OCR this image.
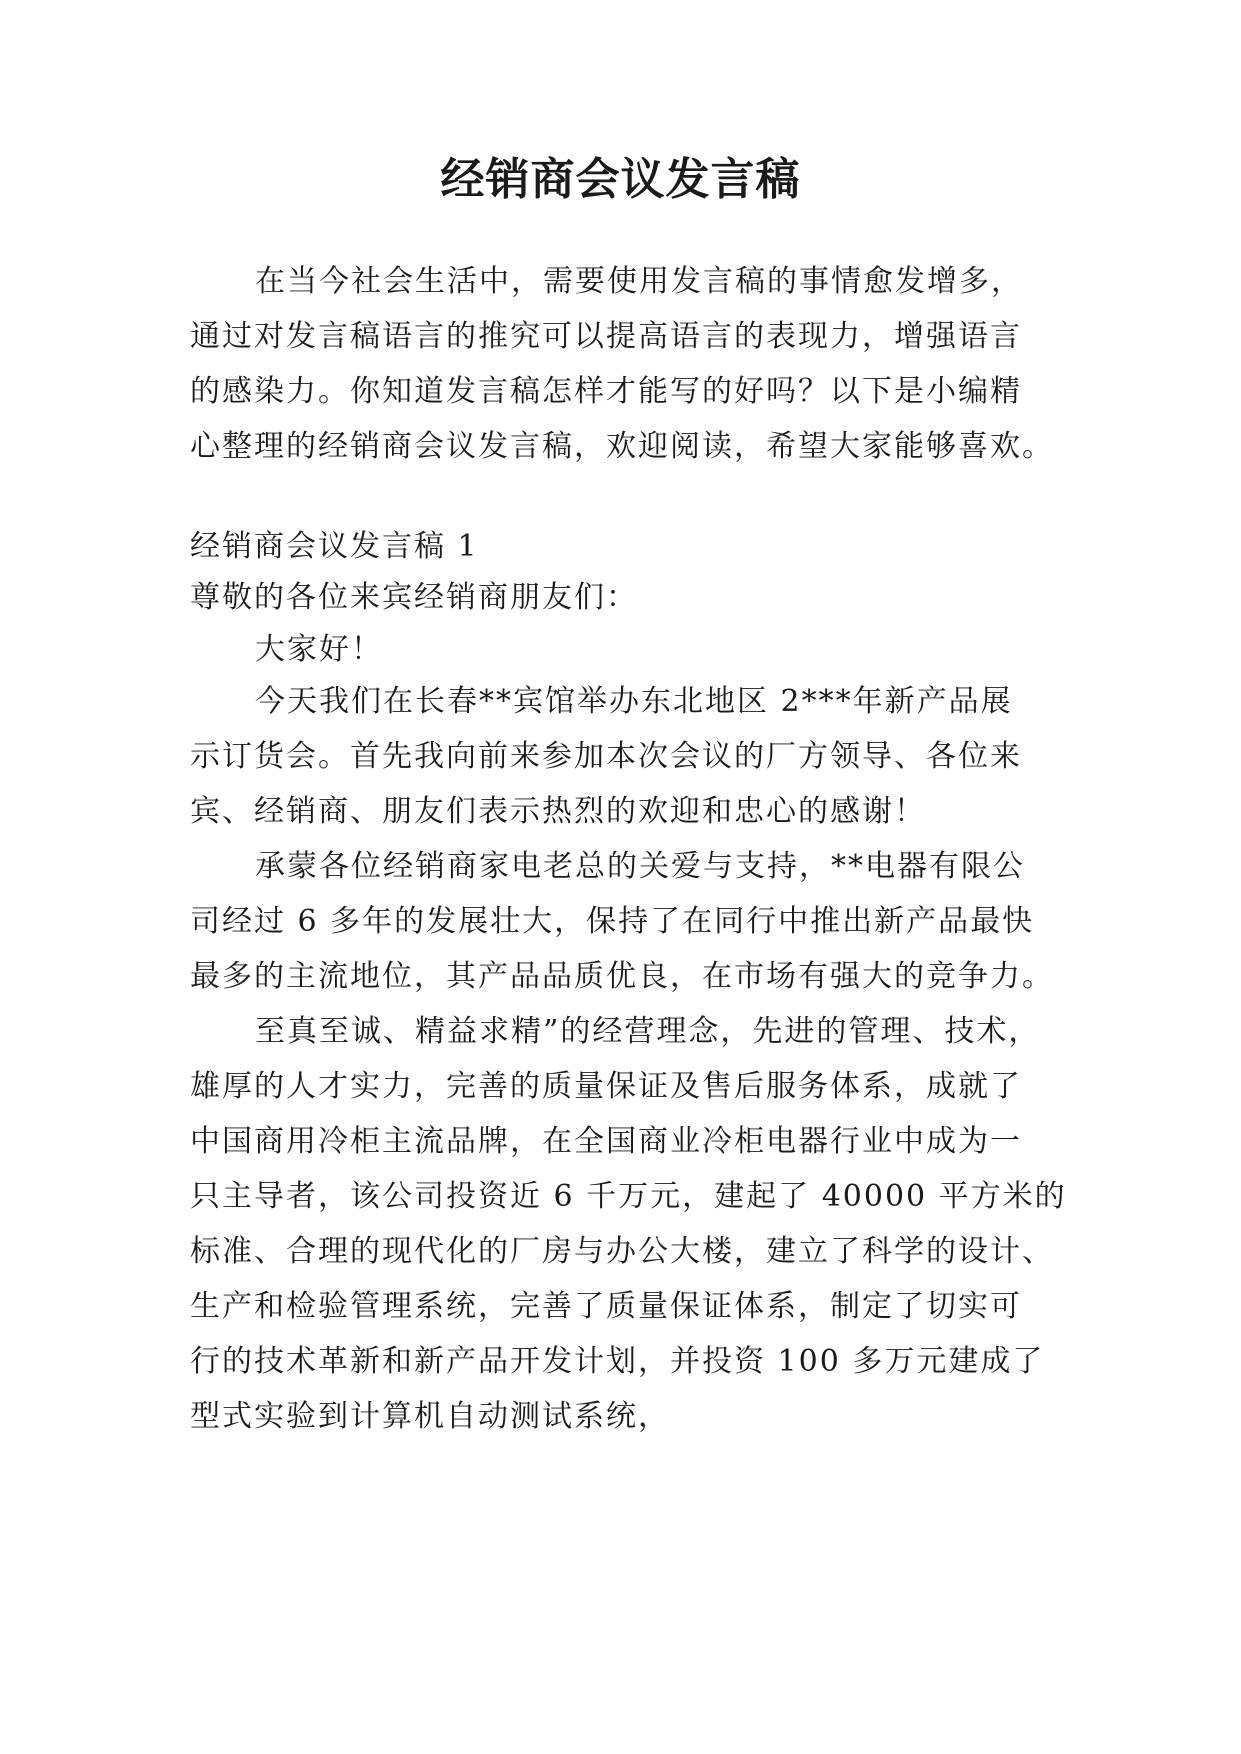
经销商会议发言稿
在当今社会生活中，需要使用发言稿的事情愈发增多，
通过对发言稿语言的推究可以提高语言的表现力，增强语言
的感染力。你知道发言稿怎样才能写的好吗？以下是小编精
心整理的经销商会议发言稿，欢迎阅读，希望大家能够喜欢。
经销商会议发言稿 1
尊敬的各位来宾经销商朋友们：
大家好！
今天我们在长春**宾馆举办东北地区 2***年新产品展
示订货会。首先我向前来参加本次会议的厂方领导、各位来
宾、经销商、朋友们表示热烈的欢迎和忠心的感谢！
承蒙各位经销商家电老总的关爱与支持，**电器有限公
司经过 6 多年的发展壮大，保持了在同行中推出新产品最快
最多的主流地位，其产品品质优良，在市场有强大的竞争力。
至真至诚、精益求精”的经营理念，先进的管理、技术，
雄厚的人才实力，完善的质量保证及售后服务体系，成就了
中国商用冷柜主流品牌，在全国商业冷柜电器行业中成为一
只主导者，该公司投资近 6 千万元，建起了 40000 平方米的
标准、合理的现代化的厂房与办公大楼，建立了科学的设计、
生产和检验管理系统，完善了质量保证体系，制定了切实可
行的技术革新和新产品开发计划，并投资 100 多万元建成了
型式实验到计算机自动测试系统，
